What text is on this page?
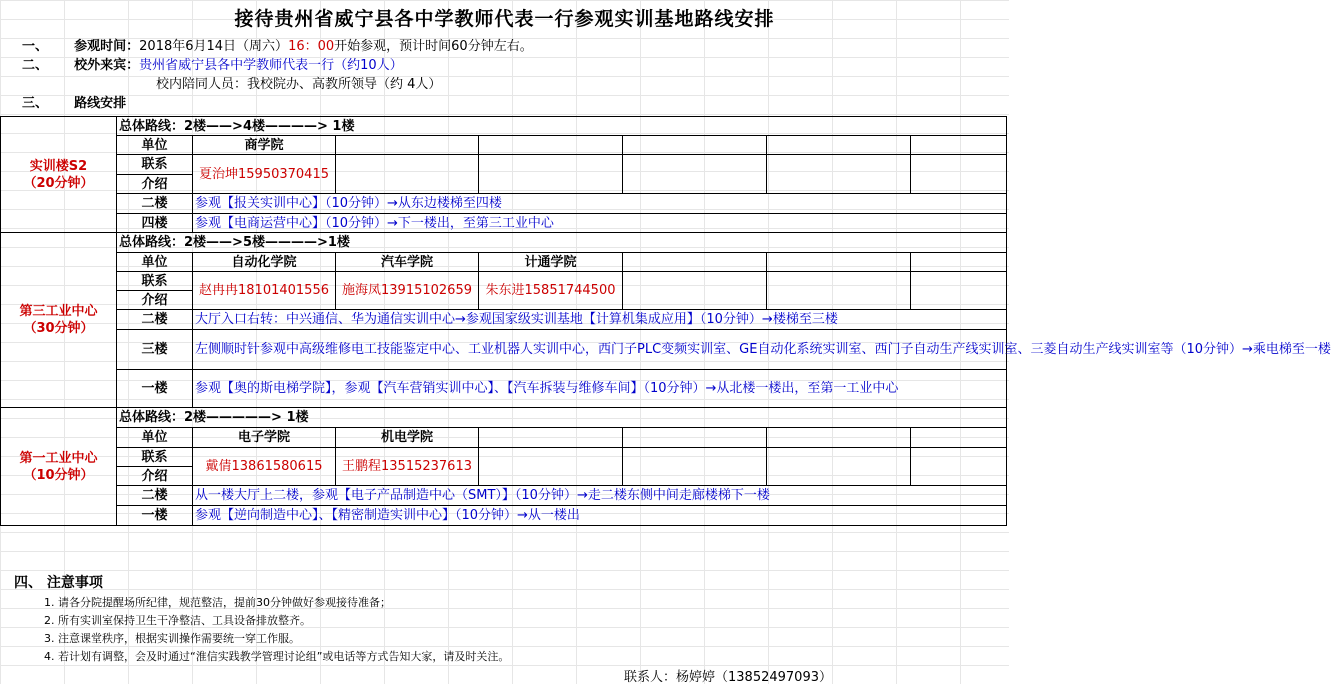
接待贵州省威宁县各中学教师代表一行参观实训基地路线安排
一、 参观时间：2018年6月14日（周六）16：00开始参观，预计时间60分钟左右。
二、 校外来宾：贵州省威宁县各中学教师代表一行（约10人）
校内陪同人员：我校院办、高教所领导（约 4人）
三、 路线安排
实训楼S2
（20分钟）	总体路线：2楼——>4楼————> 1楼						
	单位	商学院					
	联系	夏治坤15950370415					
	介绍						
	二楼	参观【报关实训中心】（10分钟）→从东边楼梯至四楼					
	四楼	参观【电商运营中心】（10分钟）→下一楼出，至第三工业中心					
第三工业中心
（30分钟）	总体路线：2楼——>5楼————>1楼						
	单位	自动化学院	汽车学院	计通学院			
	联系	赵冉冉18101401556	施海凤13915102659	朱东进15851744500			
	介绍						
	二楼	大厅入口右转：中兴通信、华为通信实训中心→参观国家级实训基地【计算机集成应用】（10分钟）→楼梯至三楼					
	三楼	左侧顺时针参观中高级维修电工技能鉴定中心、工业机器人实训中心，西门子PLC变频实训室、GE自动化系统实训室、西门子自动生产线实训室、三菱自动生产线实训室等（10分钟）→乘电梯至一楼					
	一楼	参观【奥的斯电梯学院】，参观【汽车营销实训中心】、【汽车拆装与维修车间】（10分钟）→从北楼一楼出，至第一工业中心					
第一工业中心
（10分钟）	总体路线：2楼—————> 1楼						
	单位	电子学院	机电学院				
	联系	戴倩13861580615	王鹏程13515237613				
	介绍						
	二楼	从一楼大厅上二楼，参观【电子产品制造中心（SMT）】（10分钟）→走二楼东侧中间走廊楼梯下一楼					
	一楼	参观【逆向制造中心】、【精密制造实训中心】（10分钟）→从一楼出					
四、 注意事项
1. 请各分院提醒场所纪律，规范整洁，提前30分钟做好参观接待准备；
2. 所有实训室保持卫生干净整洁、工具设备排放整齐。
3. 注意课堂秩序，根据实训操作需要统一穿工作服。
4. 若计划有调整，会及时通过“淮信实践教学管理讨论组”或电话等方式告知大家，请及时关注。
联系人：杨婷婷（13852497093）
